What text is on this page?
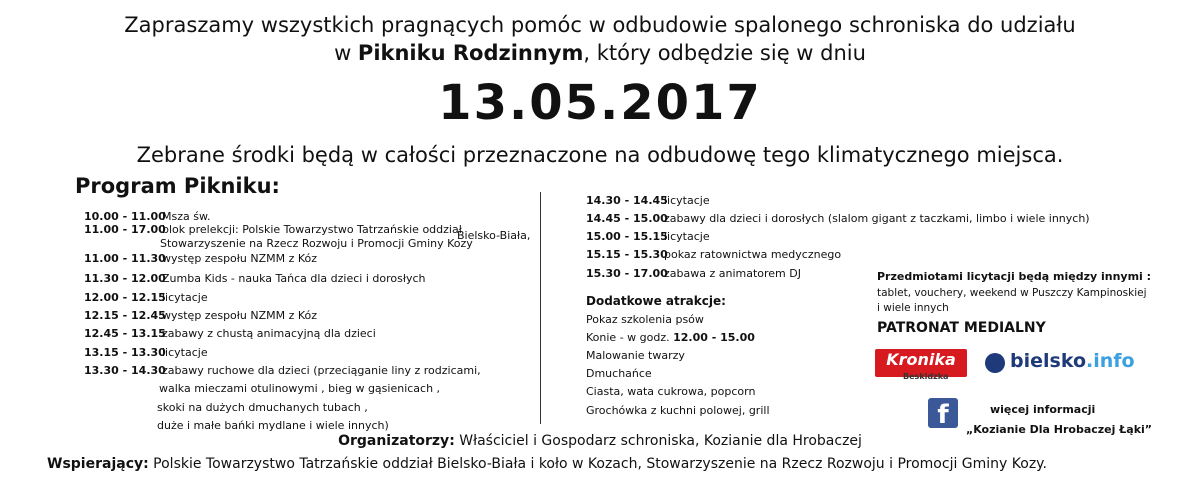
Zapraszamy wszystkich pragnących pomóc w odbudowie spalonego schroniska do udziału
w Pikniku Rodzinnym, który odbędzie się w dniu
13.05.2017
Zebrane środki będą w całości przeznaczone na odbudowę tego klimatycznego miejsca.
Program Pikniku:
10.00 - 11.00
Msza św.
11.00 - 17.00
blok prelekcji: Polskie Towarzystwo Tatrzańskie oddział
Stowarzyszenie na Rzecz Rozwoju i Promocji Gminy Kozy
11.00 - 11.30
występ zespołu NZMM z Kóz
11.30 - 12.00
Zumba Kids - nauka Tańca dla dzieci i dorosłych
12.00 - 12.15
licytacje
12.15 - 12.45
występ zespołu NZMM z Kóz
12.45 - 13.15
zabawy z chustą animacyjną dla dzieci
13.15 - 13.30
licytacje
13.30 - 14.30
zabawy ruchowe dla dzieci (przeciąganie liny z rodzicami,
walka mieczami otulinowymi , bieg w gąsienicach ,
skoki na dużych dmuchanych tubach ,
duże i małe bańki mydlane i wiele innych)
Bielsko-Biała,
14.30 - 14.45
licytacje
14.45 - 15.00
zabawy dla dzieci i dorosłych (slalom gigant z taczkami, limbo i wiele innych)
15.00 - 15.15
licytacje
15.15 - 15.30
pokaz ratownictwa medycznego
15.30 - 17.00
zabawa z animatorem DJ
Dodatkowe atrakcje:
Pokaz szkolenia psów
Konie - w godz. 12.00 - 15.00
Malowanie twarzy
Dmuchańce
Ciasta, wata cukrowa, popcorn
Grochówka z kuchni polowej, grill
Przedmiotami licytacji będą między innymi :
tablet, vouchery, weekend w Puszczy Kampinoskiej
i wiele innych
PATRONAT MEDIALNY
Kronika
Beskidzka
bielsko.info
f	więcej informacji
„Kozianie Dla Hrobaczej Łąki”
Organizatorzy: Właściciel i Gospodarz schroniska, Kozianie dla Hrobaczej
Wspierający: Polskie Towarzystwo Tatrzańskie oddział Bielsko-Biała i koło w Kozach, Stowarzyszenie na Rzecz Rozwoju i Promocji Gminy Kozy.
